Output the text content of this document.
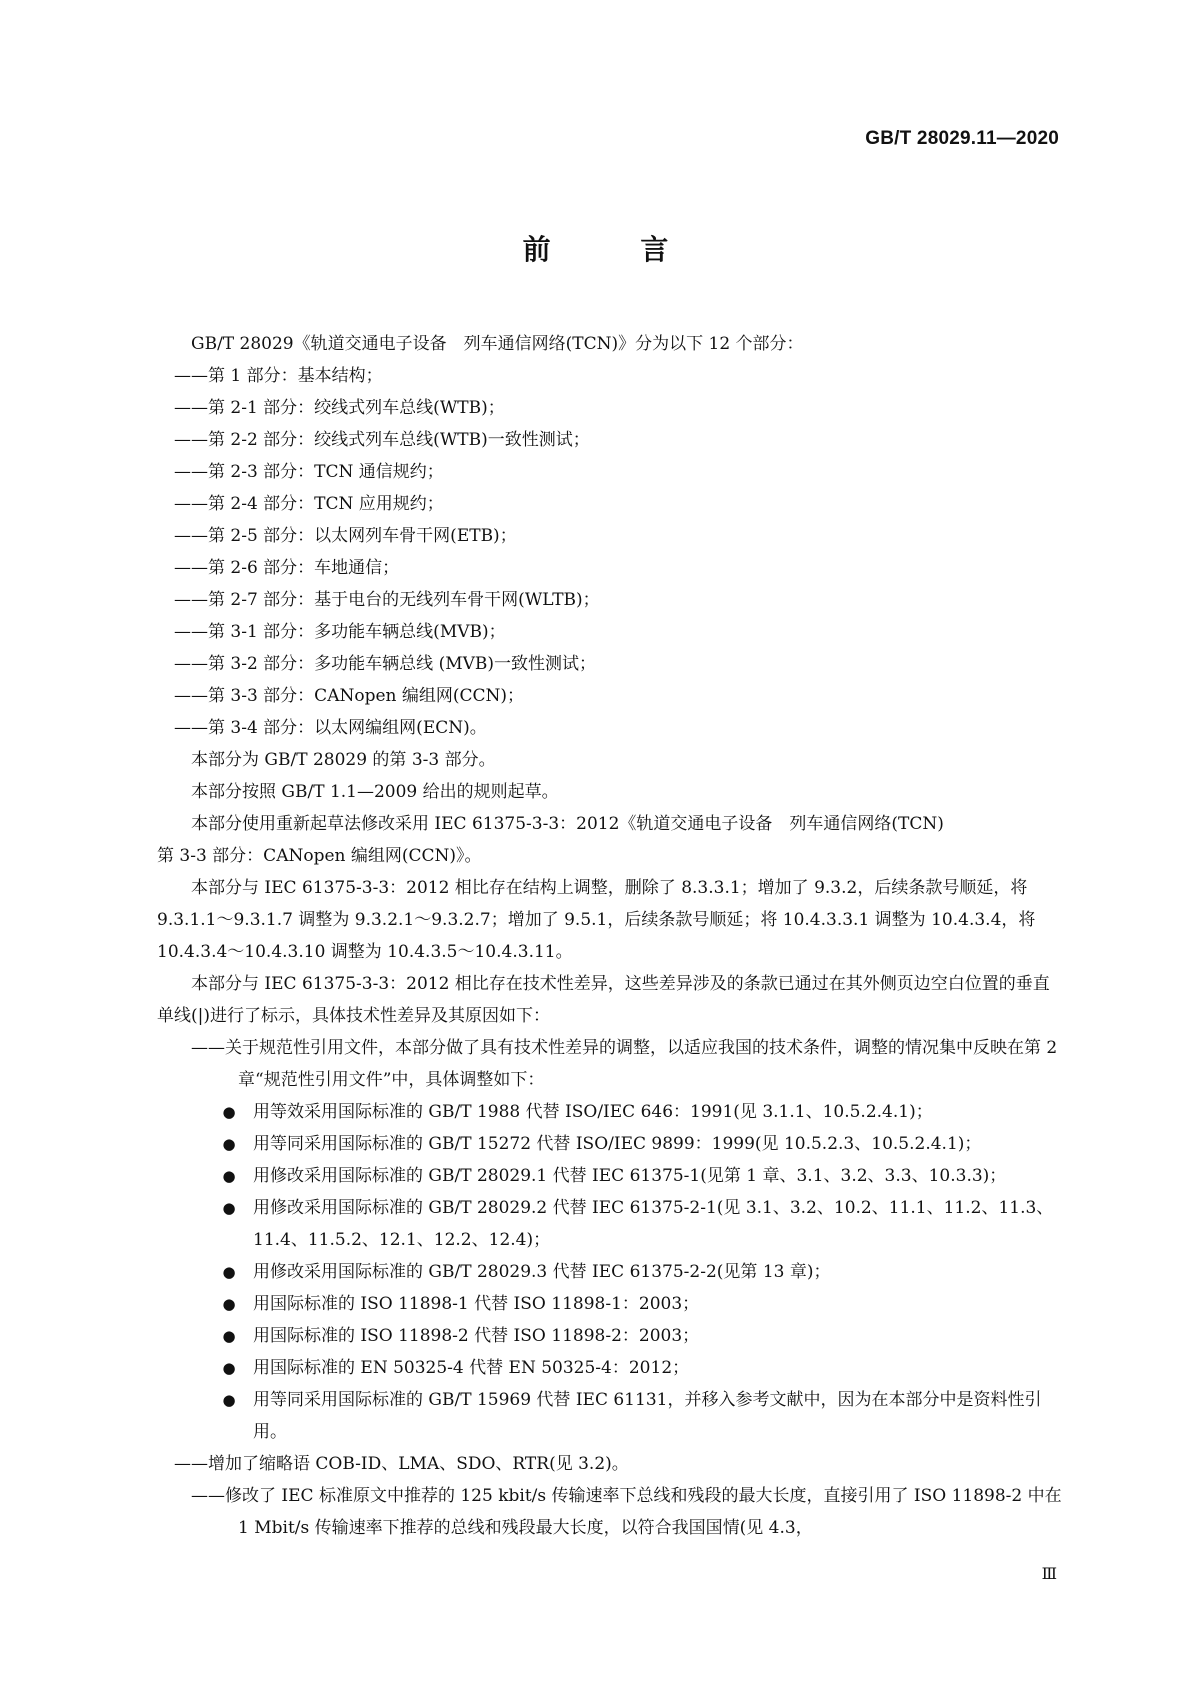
GB/T 28029.11—2020
前 言

GB/T 28029《轨道交通电子设备　列车通信网络(TCN)》分为以下 12 个部分：

——第 1 部分：基本结构；

——第 2-1 部分：绞线式列车总线(WTB)；

——第 2-2 部分：绞线式列车总线(WTB)一致性测试；

——第 2-3 部分：TCN 通信规约；

——第 2-4 部分：TCN 应用规约；

——第 2-5 部分：以太网列车骨干网(ETB)；

——第 2-6 部分：车地通信；

——第 2-7 部分：基于电台的无线列车骨干网(WLTB)；

——第 3-1 部分：多功能车辆总线(MVB)；

——第 3-2 部分：多功能车辆总线 (MVB)一致性测试；

——第 3-3 部分：CANopen 编组网(CCN)；

——第 3-4 部分：以太网编组网(ECN)。

本部分为 GB/T 28029 的第 3-3 部分。

本部分按照 GB/T 1.1—2009 给出的规则起草。

本部分使用重新起草法修改采用 IEC 61375-3-3：2012《轨道交通电子设备　列车通信网络(TCN)

第 3-3 部分：CANopen 编组网(CCN)》。

本部分与 IEC 61375-3-3：2012 相比存在结构上调整，删除了 8.3.3.1；增加了 9.3.2，后续条款号顺延，将 9.3.1.1～9.3.1.7 调整为 9.3.2.1～9.3.2.7；增加了 9.5.1，后续条款号顺延；将 10.4.3.3.1 调整为 10.4.3.4，将 10.4.3.4～10.4.3.10 调整为 10.4.3.5～10.4.3.11。

本部分与 IEC 61375-3-3：2012 相比存在技术性差异，这些差异涉及的条款已通过在其外侧页边空白位置的垂直单线(|)进行了标示，具体技术性差异及其原因如下：

——关于规范性引用文件，本部分做了具有技术性差异的调整，以适应我国的技术条件，调整的情况集中反映在第 2 章“规范性引用文件”中，具体调整如下：

● 用等效采用国际标准的 GB/T 1988 代替 ISO/IEC 646：1991(见 3.1.1、10.5.2.4.1)；

● 用等同采用国际标准的 GB/T 15272 代替 ISO/IEC 9899：1999(见 10.5.2.3、10.5.2.4.1)；

● 用修改采用国际标准的 GB/T 28029.1 代替 IEC 61375-1(见第 1 章、3.1、3.2、3.3、10.3.3)；

● 用修改采用国际标准的 GB/T 28029.2 代替 IEC 61375-2-1(见 3.1、3.2、10.2、11.1、11.2、11.3、11.4、11.5.2、12.1、12.2、12.4)；

● 用修改采用国际标准的 GB/T 28029.3 代替 IEC 61375-2-2(见第 13 章)；

● 用国际标准的 ISO 11898-1 代替 ISO 11898-1：2003；

● 用国际标准的 ISO 11898-2 代替 ISO 11898-2：2003；

● 用国际标准的 EN 50325-4 代替 EN 50325-4：2012；

● 用等同采用国际标准的 GB/T 15969 代替 IEC 61131，并移入参考文献中，因为在本部分中是资料性引用。

——增加了缩略语 COB-ID、LMA、SDO、RTR(见 3.2)。

——修改了 IEC 标准原文中推荐的 125 kbit/s 传输速率下总线和残段的最大长度，直接引用了 ISO 11898-2 中在 1 Mbit/s 传输速率下推荐的总线和残段最大长度，以符合我国国情(见 4.3，

Ⅲ
